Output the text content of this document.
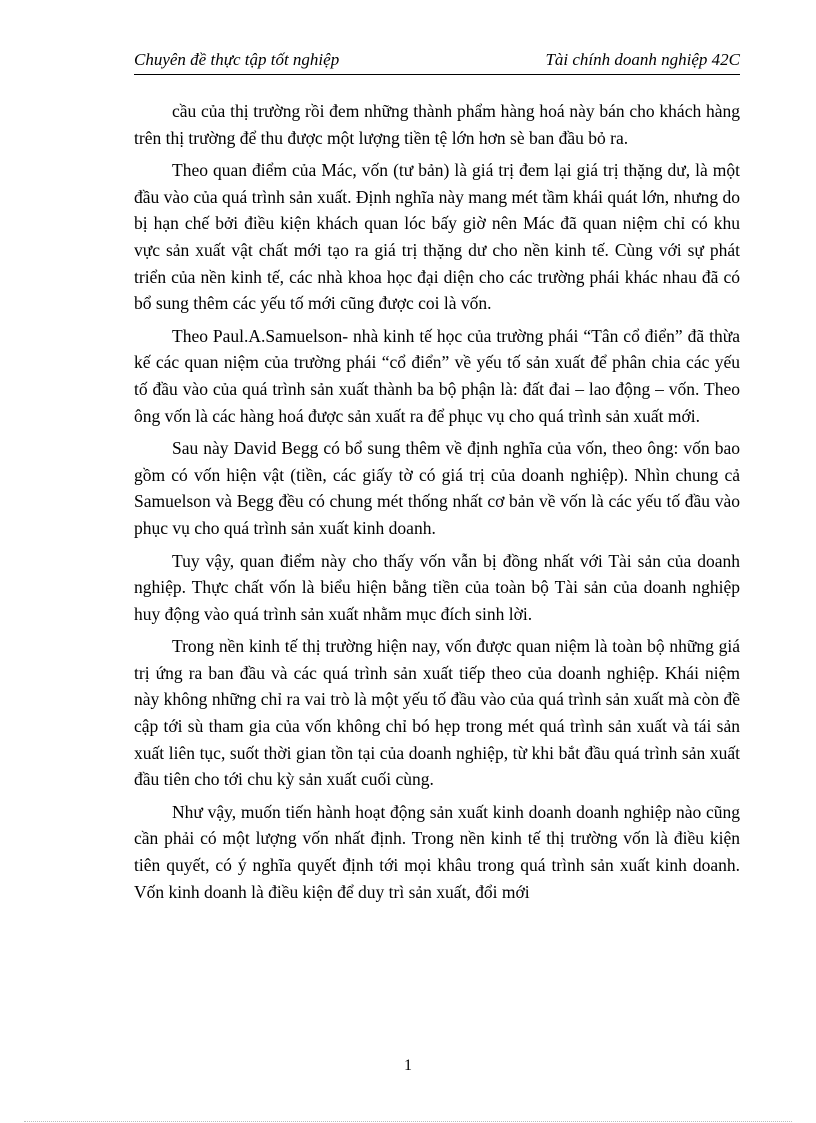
Chuyên đề thực tập tốt nghiệp	Tài chính doanh nghiệp 42C

cầu của thị trường rồi đem những thành phẩm hàng hoá này bán cho khách hàng trên thị trường để thu được một lượng tiền tệ lớn hơn sè ban đầu bỏ ra.

Theo quan điểm của Mác, vốn (tư bản) là giá trị đem lại giá trị thặng dư, là một đầu vào của quá trình sản xuất. Định nghĩa này mang mét tầm khái quát lớn, nhưng do bị hạn chế bởi điều kiện khách quan lóc bấy giờ nên Mác đã quan niệm chỉ có khu vực sản xuất vật chất mới tạo ra giá trị thặng dư cho nền kinh tế. Cùng với sự phát triển của nền kinh tế, các nhà khoa học đại diện cho các trường phái khác nhau đã có bổ sung thêm các yếu tố mới cũng được coi là vốn.

Theo Paul.A.Samuelson- nhà kinh tế học của trường phái “Tân cổ điển” đã thừa kế các quan niệm của trường phái “cổ điển” về yếu tố sản xuất để phân chia các yếu tố đầu vào của quá trình sản xuất thành ba bộ phận là: đất đai – lao động – vốn. Theo ông vốn là các hàng hoá được sản xuất ra để phục vụ cho quá trình sản xuất mới.

Sau này David Begg có bổ sung thêm về định nghĩa của vốn, theo ông: vốn bao gồm có vốn hiện vật (tiền, các giấy tờ có giá trị của doanh nghiệp). Nhìn chung cả Samuelson và Begg đều có chung mét thống nhất cơ bản về vốn là các yếu tố đầu vào phục vụ cho quá trình sản xuất kinh doanh.

Tuy vậy, quan điểm này cho thấy vốn vẫn bị đồng nhất với Tài sản của doanh nghiệp. Thực chất vốn là biểu hiện bằng tiền của toàn bộ Tài sản của doanh nghiệp huy động vào quá trình sản xuất nhằm mục đích sinh lời.

Trong nền kinh tế thị trường hiện nay, vốn được quan niệm là toàn bộ những giá trị ứng ra ban đầu và các quá trình sản xuất tiếp theo của doanh nghiệp. Khái niệm này không những chỉ ra vai trò là một yếu tố đầu vào của quá trình sản xuất mà còn đề cập tới sù tham gia của vốn không chỉ bó hẹp trong mét quá trình sản xuất và tái sản xuất liên tục, suốt thời gian tồn tại của doanh nghiệp, từ khi bắt đầu quá trình sản xuất đầu tiên cho tới chu kỳ sản xuất cuối cùng.

Như vậy, muốn tiến hành hoạt động sản xuất kinh doanh doanh nghiệp nào cũng cần phải có một lượng vốn nhất định. Trong nền kinh tế thị trường vốn là điều kiện tiên quyết, có ý nghĩa quyết định tới mọi khâu trong quá trình sản xuất kinh doanh. Vốn kinh doanh là điều kiện để duy trì sản xuất, đổi mới

1
